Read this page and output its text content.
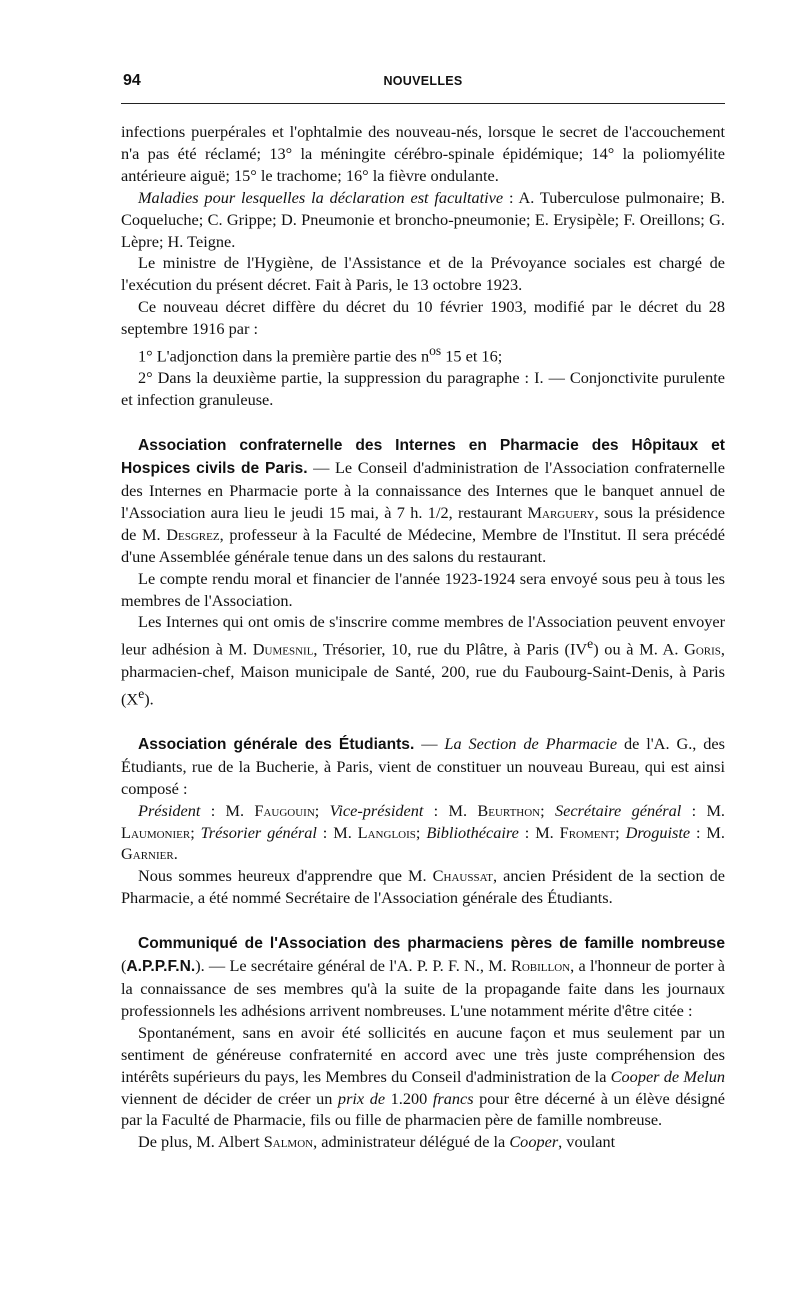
94	NOUVELLES

infections puerpérales et l'ophtalmie des nouveau-nés, lorsque le secret de l'accouchement n'a pas été réclamé; 13° la méningite cérébro-spinale épidémique; 14° la poliomyélite antérieure aiguë; 15° le trachome; 16° la fièvre ondulante.

Maladies pour lesquelles la déclaration est facultative : A. Tuberculose pulmonaire; B. Coqueluche; C. Grippe; D. Pneumonie et broncho-pneumonie; E. Erysipèle; F. Oreillons; G. Lèpre; H. Teigne.

Le ministre de l'Hygiène, de l'Assistance et de la Prévoyance sociales est chargé de l'exécution du présent décret. Fait à Paris, le 13 octobre 1923.

Ce nouveau décret diffère du décret du 10 février 1903, modifié par le décret du 28 septembre 1916 par :

1° L'adjonction dans la première partie des $n^{os}$ 15 et 16;

2° Dans la deuxième partie, la suppression du paragraphe : I. — Conjonctivite purulente et infection granuleuse.

Association confraternelle des Internes en Pharmacie des Hôpitaux et Hospices civils de Paris. — Le Conseil d'administration de l'Association confraternelle des Internes en Pharmacie porte à la connaissance des Internes que le banquet annuel de l'Association aura lieu le jeudi 15 mai, à 7 h. 1/2, restaurant Marguery, sous la présidence de M. Desgrez, professeur à la Faculté de Médecine, Membre de l'Institut. Il sera précédé d'une Assemblée générale tenue dans un des salons du restaurant.

Le compte rendu moral et financier de l'année 1923-1924 sera envoyé sous peu à tous les membres de l'Association.

Les Internes qui ont omis de s'inscrire comme membres de l'Association peuvent envoyer leur adhésion à M. Dumesnil, Trésorier, 10, rue du Plâtre, à Paris (IVe) ou à M. A. Goris, pharmacien-chef, Maison municipale de Santé, 200, rue du Faubourg-Saint-Denis, à Paris (Xe).

Association générale des Étudiants. — La Section de Pharmacie de l'A. G., des Étudiants, rue de la Bucherie, à Paris, vient de constituer un nouveau Bureau, qui est ainsi composé :

Président : M. Faugouin; Vice-président : M. Beurthon; Secrétaire général : M. Laumonier; Trésorier général : M. Langlois; Bibliothécaire : M. Froment; Droguiste : M. Garnier.

Nous sommes heureux d'apprendre que M. Chaussat, ancien Président de la section de Pharmacie, a été nommé Secrétaire de l'Association générale des Étudiants.

Communiqué de l'Association des pharmaciens pères de famille nombreuse (A.P.P.F.N.). — Le secrétaire général de l'A. P. P. F. N., M. Robillon, a l'honneur de porter à la connaissance de ses membres qu'à la suite de la propagande faite dans les journaux professionnels les adhésions arrivent nombreuses. L'une notamment mérite d'être citée :

Spontanément, sans en avoir été sollicités en aucune façon et mus seulement par un sentiment de généreuse confraternité en accord avec une très juste compréhension des intérêts supérieurs du pays, les Membres du Conseil d'administration de la Cooper de Melun viennent de décider de créer un prix de 1.200 francs pour être décerné à un élève désigné par la Faculté de Pharmacie, fils ou fille de pharmacien père de famille nombreuse.

De plus, M. Albert Salmon, administrateur délégué de la Cooper, voulant
